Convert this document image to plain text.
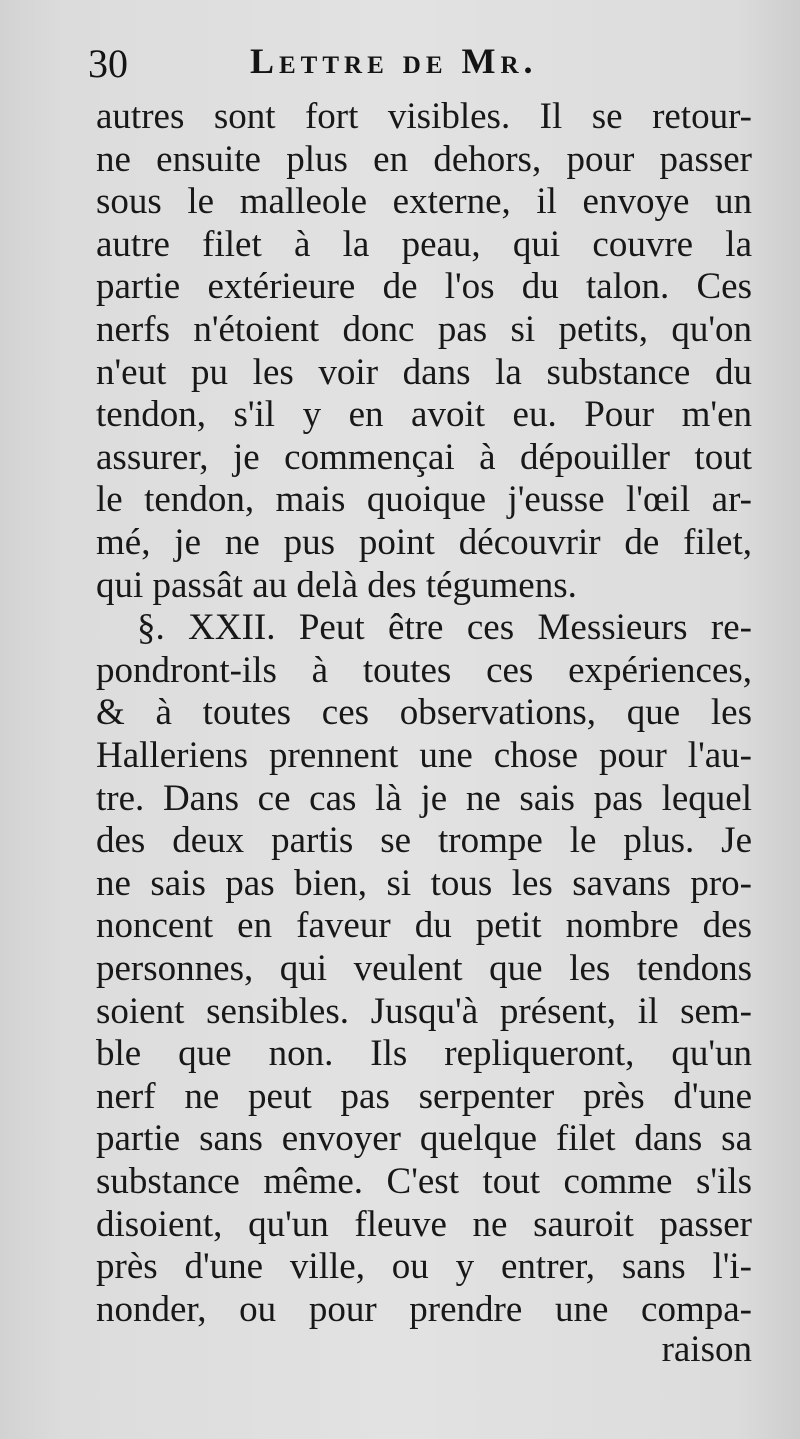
30	Lettre de Mr.
autres sont fort visibles. Il se retour-
ne ensuite plus en dehors, pour passer
sous le malleole externe, il envoye un
autre filet à la peau, qui couvre la
partie extérieure de l'os du talon. Ces
nerfs n'étoient donc pas si petits, qu'on
n'eut pu les voir dans la substance du
tendon, s'il y en avoit eu. Pour m'en
assurer, je commençai à dépouiller tout
le tendon, mais quoique j'eusse l'œil ar-
mé, je ne pus point découvrir de filet,
qui passât au delà des tégumens.
§. XXII. Peut être ces Messieurs re-
pondront-ils à toutes ces expériences,
& à toutes ces observations, que les
Halleriens prennent une chose pour l'au-
tre. Dans ce cas là je ne sais pas lequel
des deux partis se trompe le plus. Je
ne sais pas bien, si tous les savans pro-
noncent en faveur du petit nombre des
personnes, qui veulent que les tendons
soient sensibles. Jusqu'à présent, il sem-
ble que non. Ils repliqueront, qu'un
nerf ne peut pas serpenter près d'une
partie sans envoyer quelque filet dans sa
substance même. C'est tout comme s'ils
disoient, qu'un fleuve ne sauroit passer
près d'une ville, ou y entrer, sans l'i-
nonder, ou pour prendre une compa-
raison
